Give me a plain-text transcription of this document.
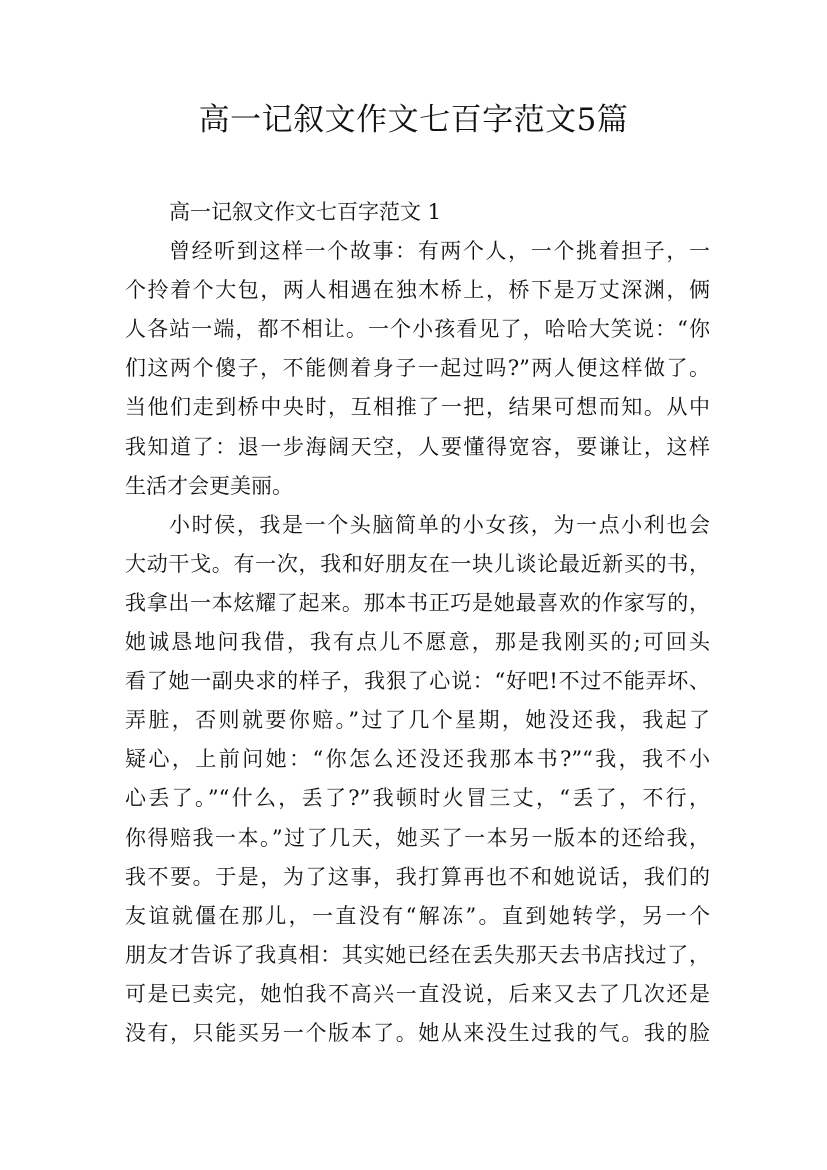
高一记叙文作文七百字范文5篇
高一记叙文作文七百字范文 1
曾经听到这样一个故事：有两个人，一个挑着担子，一
个拎着个大包，两人相遇在独木桥上，桥下是万丈深渊，俩
人各站一端，都不相让。一个小孩看见了，哈哈大笑说：“你
们这两个傻子，不能侧着身子一起过吗?”两人便这样做了。
当他们走到桥中央时，互相推了一把，结果可想而知。从中
我知道了：退一步海阔天空，人要懂得宽容，要谦让，这样
生活才会更美丽。
小时侯，我是一个头脑简单的小女孩，为一点小利也会
大动干戈。有一次，我和好朋友在一块儿谈论最近新买的书，
我拿出一本炫耀了起来。那本书正巧是她最喜欢的作家写的，
她诚恳地问我借，我有点儿不愿意，那是我刚买的;可回头
看了她一副央求的样子，我狠了心说：“好吧!不过不能弄坏、
弄脏，否则就要你赔。”过了几个星期，她没还我，我起了
疑心，上前问她：“你怎么还没还我那本书?”“我，我不小
心丢了。”“什么，丢了?”我顿时火冒三丈，“丢了，不行，
你得赔我一本。”过了几天，她买了一本另一版本的还给我，
我不要。于是，为了这事，我打算再也不和她说话，我们的
友谊就僵在那儿，一直没有“解冻”。直到她转学，另一个
朋友才告诉了我真相：其实她已经在丢失那天去书店找过了，
可是已卖完，她怕我不高兴一直没说，后来又去了几次还是
没有，只能买另一个版本了。她从来没生过我的气。我的脸
